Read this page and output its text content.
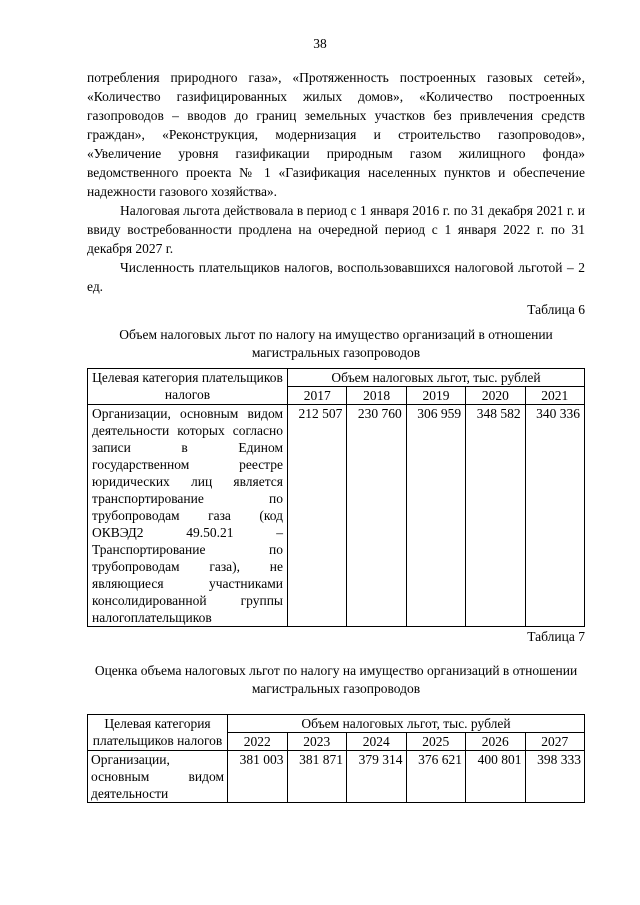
38

потребления природного газа», «Протяженность построенных газовых сетей», «Количество газифицированных жилых домов», «Количество построенных газопроводов – вводов до границ земельных участков без привлечения средств граждан», «Реконструкция, модернизация и строительство газопроводов», «Увеличение уровня газификации природным газом жилищного фонда» ведомственного проекта № 1 «Газификация населенных пунктов и обеспечение надежности газового хозяйства».

Налоговая льгота действовала в период с 1 января 2016 г. по 31 декабря 2021 г. и ввиду востребованности продлена на очередной период с 1 января 2022 г. по 31 декабря 2027 г.

Численность плательщиков налогов, воспользовавшихся налоговой льготой – 2 ед.

Таблица 6

Объем налоговых льгот по налогу на имущество организаций в отношении магистральных газопроводов

Целевая категория плательщиков налогов	Объем налоговых льгот, тыс. рублей				
	2017	2018	2019	2020	2021
Организации, основным видом деятельности которых согласно записи в Едином государственном реестре юридических лиц является транспортирование по трубопроводам газа (код ОКВЭД2 49.50.21 – Транспортирование по трубопроводам газа), не являющиеся участниками консолидированной группы налогоплательщиков	212 507	230 760	306 959	348 582	340 336

Таблица 7

Оценка объема налоговых льгот по налогу на имущество организаций в отношении магистральных газопроводов

Целевая категория плательщиков налогов	Объем налоговых льгот, тыс. рублей					
	2022	2023	2024	2025	2026	2027
Организации, основным видом деятельности	381 003	381 871	379 314	376 621	400 801	398 333
